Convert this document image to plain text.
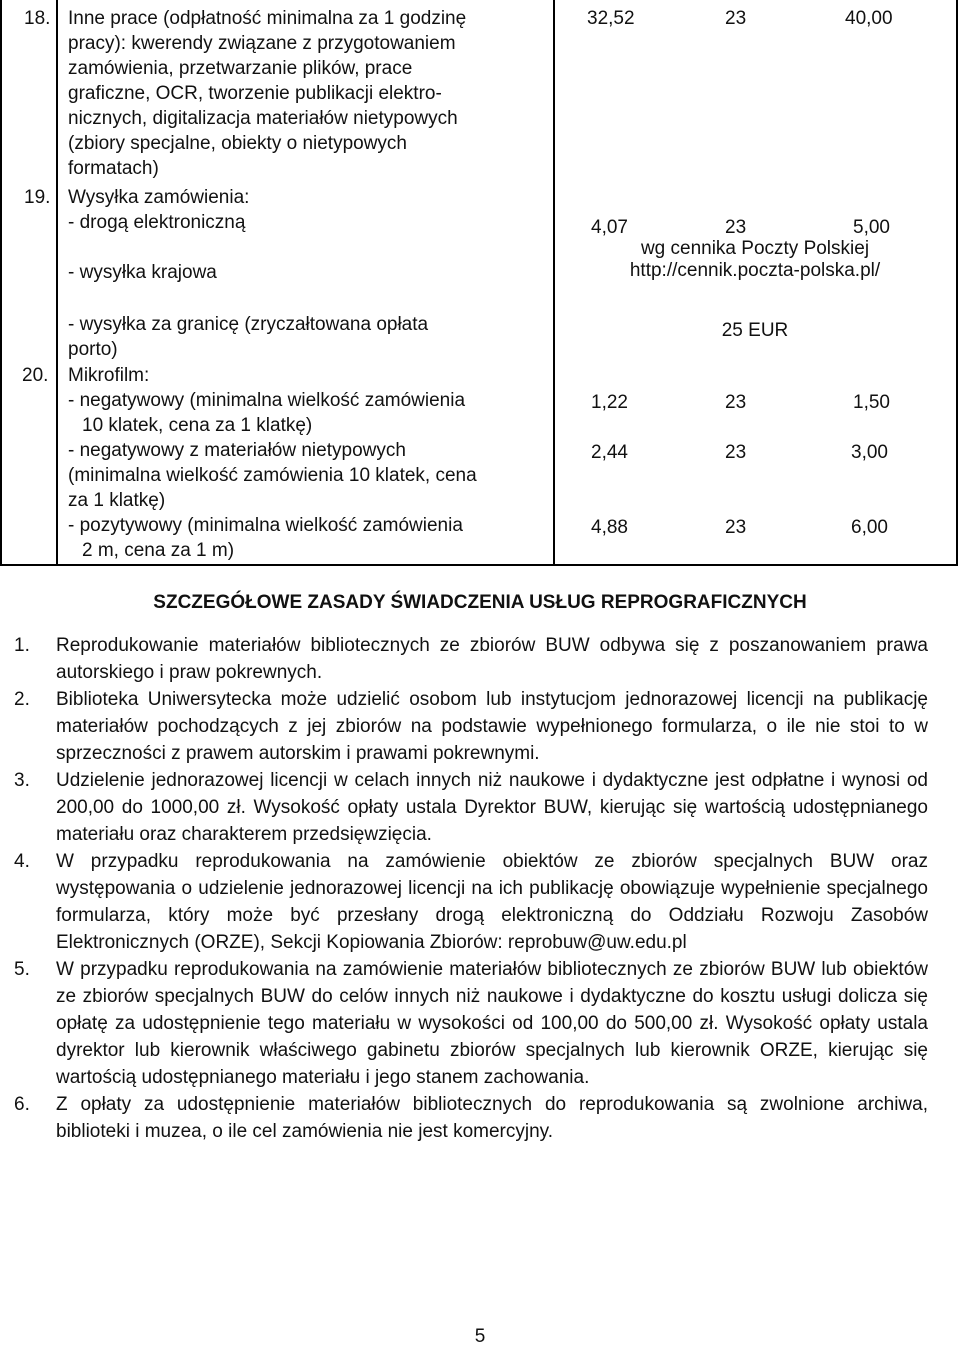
18. Inne prace (odpłatność minimalna za 1 godzinę
pracy): kwerendy związane z przygotowaniem
zamówienia, przetwarzanie plików, prace
graficzne, OCR, tworzenie publikacji elektro-
nicznych, digitalizacja materiałów nietypowych
(zbiory specjalne, obiekty o nietypowych
formatach)
32,52	23	40,00
19. Wysyłka zamówienia:
- drogą elektroniczną	4,07	23	5,00
- wysyłka krajowa
wg cennika Poczty Polskiej
http://cennik.poczta-polska.pl/
- wysyłka za granicę (zryczałtowana opłata
porto)
25 EUR
20. Mikrofilm:
- negatywowy (minimalna wielkość zamówienia
10 klatek, cena za 1 klatkę)
1,22	23	1,50
- negatywowy z materiałów nietypowych
(minimalna wielkość zamówienia 10 klatek, cena
za 1 klatkę)
2,44	23	3,00
- pozytywowy (minimalna wielkość zamówienia
2 m, cena za 1 m)
4,88	23	6,00
SZCZEGÓŁOWE ZASADY ŚWIADCZENIA USŁUG REPROGRAFICZNYCH
1.	Reprodukowanie materiałów bibliotecznych ze zbiorów BUW odbywa się z poszanowaniem prawa autorskiego i praw pokrewnych.
2.	Biblioteka Uniwersytecka może udzielić osobom lub instytucjom jednorazowej licencji na publikację materiałów pochodzących z jej zbiorów na podstawie wypełnionego formularza, o ile nie stoi to w sprzeczności z prawem autorskim i prawami pokrewnymi.
3.	Udzielenie jednorazowej licencji w celach innych niż naukowe i dydaktyczne jest odpłatne i wynosi od 200,00 do 1000,00 zł. Wysokość opłaty ustala Dyrektor BUW, kierując się wartością udostępnianego materiału oraz charakterem przedsięwzięcia.
4.	W przypadku reprodukowania na zamówienie obiektów ze zbiorów specjalnych BUW oraz występowania o udzielenie jednorazowej licencji na ich publikację obowiązuje wypełnienie specjalnego formularza, który może być przesłany drogą elektroniczną do Oddziału Rozwoju Zasobów Elektronicznych (ORZE), Sekcji Kopiowania Zbiorów: reprobuw@uw.edu.pl
5.	W przypadku reprodukowania na zamówienie materiałów bibliotecznych ze zbiorów BUW lub obiektów ze zbiorów specjalnych BUW do celów innych niż naukowe i dydaktyczne do kosztu usługi dolicza się opłatę za udostępnienie tego materiału w wysokości od 100,00 do 500,00 zł. Wysokość opłaty ustala dyrektor lub kierownik właściwego gabinetu zbiorów specjalnych lub kierownik ORZE, kierując się wartością udostępnianego materiału i jego stanem zachowania.
6.	Z opłaty za udostępnienie materiałów bibliotecznych do reprodukowania są zwolnione archiwa, biblioteki i muzea, o ile cel zamówienia nie jest komercyjny.
5
